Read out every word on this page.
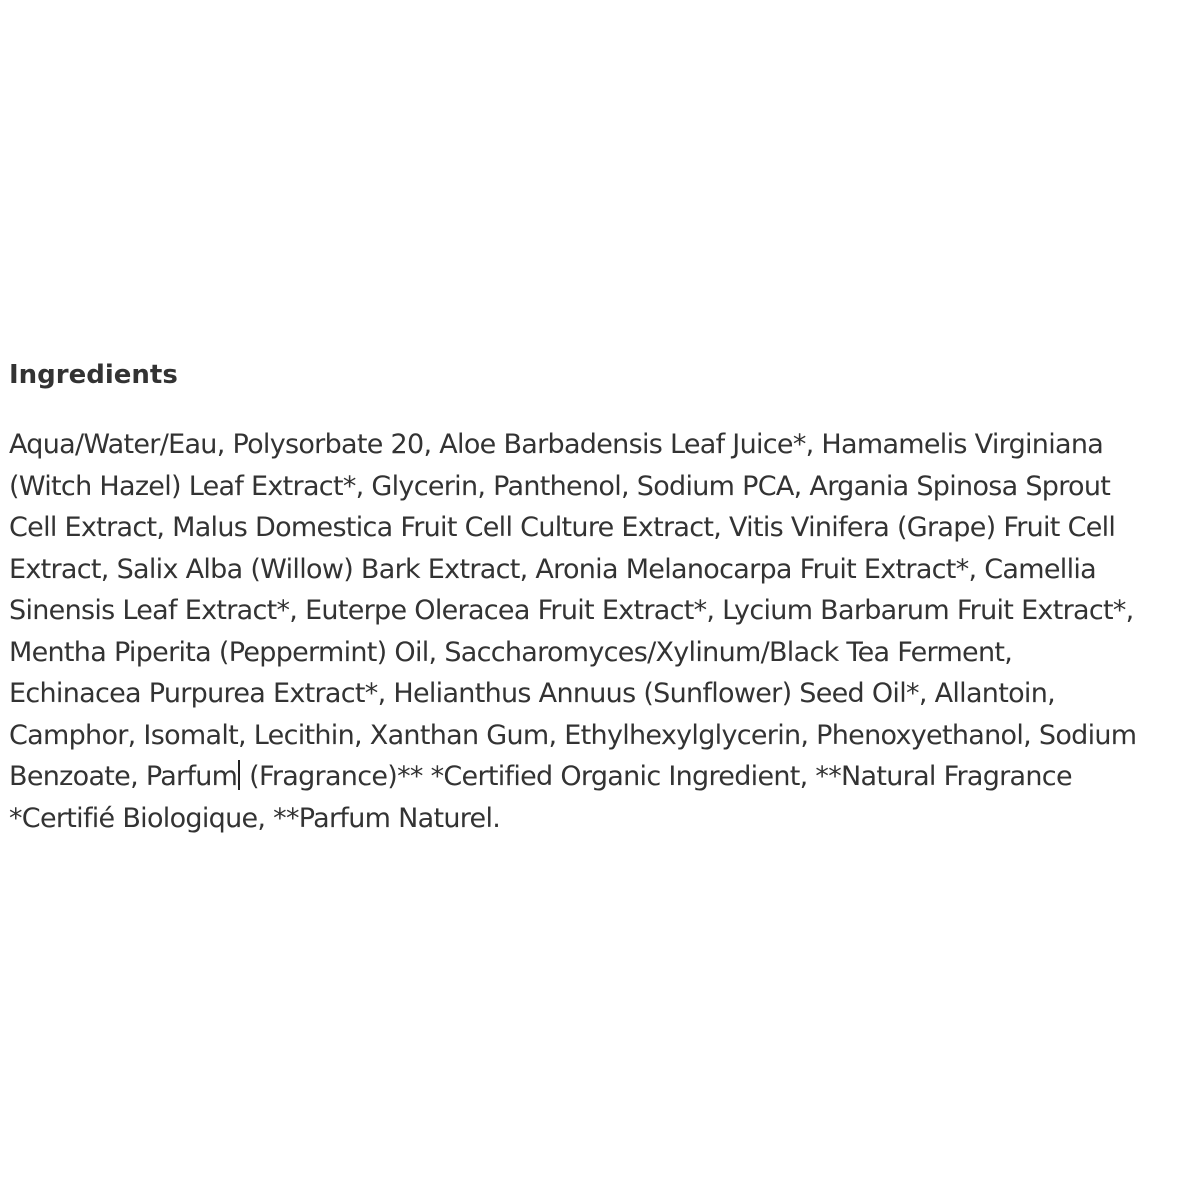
Ingredients
Aqua/Water/Eau, Polysorbate 20, Aloe Barbadensis Leaf Juice*, Hamamelis Virginiana
(Witch Hazel) Leaf Extract*, Glycerin, Panthenol, Sodium PCA, Argania Spinosa Sprout
Cell Extract, Malus Domestica Fruit Cell Culture Extract, Vitis Vinifera (Grape) Fruit Cell
Extract, Salix Alba (Willow) Bark Extract, Aronia Melanocarpa Fruit Extract*, Camellia
Sinensis Leaf Extract*, Euterpe Oleracea Fruit Extract*, Lycium Barbarum Fruit Extract*,
Mentha Piperita (Peppermint) Oil, Saccharomyces/Xylinum/Black Tea Ferment,
Echinacea Purpurea Extract*, Helianthus Annuus (Sunflower) Seed Oil*, Allantoin,
Camphor, Isomalt, Lecithin, Xanthan Gum, Ethylhexylglycerin, Phenoxyethanol, Sodium
Benzoate, Parfum (Fragrance)** *Certified Organic Ingredient, **Natural Fragrance
*Certifié Biologique, **Parfum Naturel.
